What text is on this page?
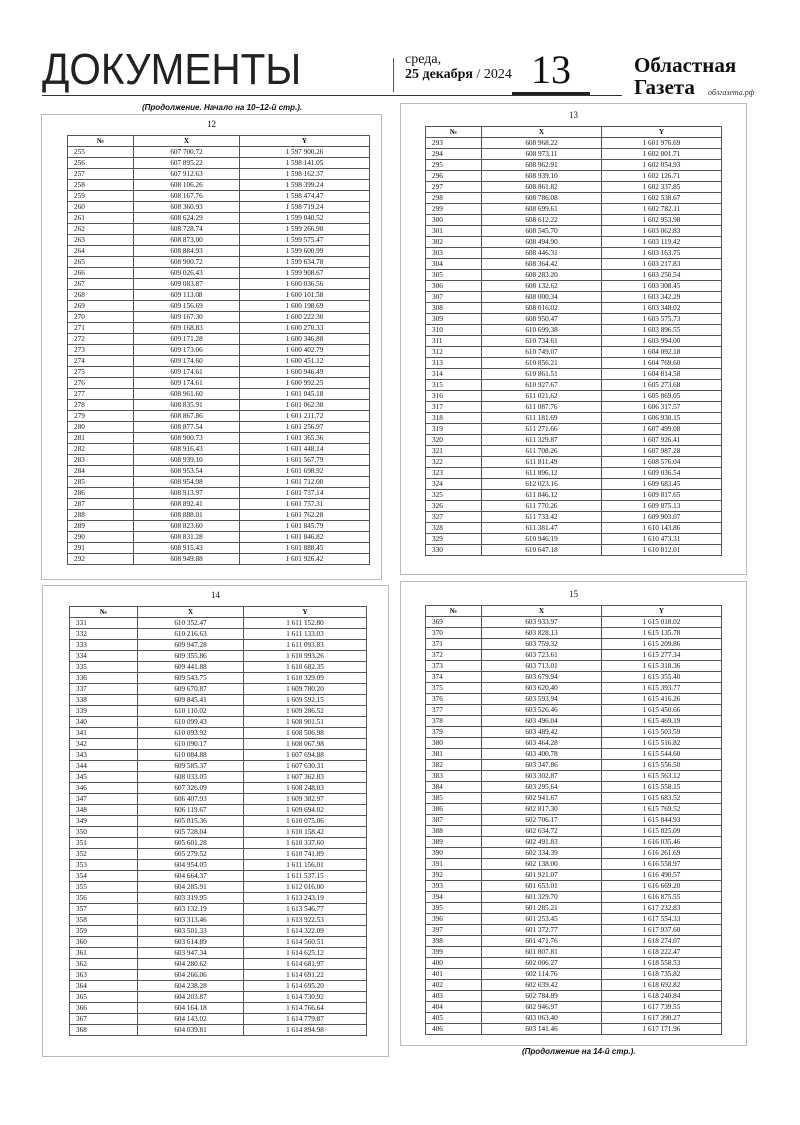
ДОКУМЕНТЫ	среда,
25 декабря / 2024 13	Областная
Газета облгазета.рф
(Продолжение. Начало на 10–12-й стр.).
12
№	X	Y
255	607 700.72	1 597 900.26
256	607 895.22	1 598 141.05
257	607 912.63	1 598 162.37
258	608 106.26	1 598 399.24
259	608 167.76	1 598 474.47
260	608 360.93	1 598 719.24
261	608 624.29	1 599 040.52
262	608 728.74	1 599 266.98
263	608 873.00	1 599 575.47
264	608 884.93	1 599 600.99
265	608 900.72	1 599 634.78
266	609 026.43	1 599 908.67
267	609 083.87	1 600 036.56
268	609 113.08	1 600 101.58
269	609 156.69	1 600 198.69
270	609 167.30	1 600 222.30
271	609 168.83	1 600 270.33
272	609 171.28	1 600 346.88
273	609 173.06	1 600 402.79
274	609 174.60	1 600 451.12
275	609 174.61	1 600 946.49
276	609 174.61	1 600 992.25
277	608 961.60	1 601 045.18
278	608 835.91	1 601 062.38
279	608 867.86	1 601 211.72
280	608 877.54	1 601 256.97
281	608 900.73	1 601 365.36
282	608 916.43	1 601 448.14
283	608 939.10	1 601 567.79
284	608 953.54	1 601 698.92
285	608 954.98	1 601 712.00
286	608 913.97	1 601 737.14
287	608 892.41	1 601 757.31
288	608 888.01	1 601 762.28
289	608 823.60	1 601 845.79
290	608 831.28	1 601 846.82
291	608 915.43	1 601 888.45
292	608 949.88	1 601 926.42
13
№	X	Y
293	608 968.22	1 601 976.69
294	608 973.11	1 602 001.71
295	608 962.91	1 602 054.93
296	608 939.10	1 602 126.71
297	608 861.82	1 602 337.85
298	608 786.08	1 602 538.67
299	608 699.61	1 602 782.11
300	608 612.22	1 602 953.98
301	608 545.70	1 603 062.83
302	608 494.90	1 603 119.42
303	608 446.31	1 603 163.75
304	608 364.42	1 603 217.83
305	608 283.20	1 603 250.54
306	608 132.62	1 603 308.45
307	608 000.34	1 603 342.29
308	608 016.02	1 603 348.02
309	608 950.47	1 603 575.73
310	610 699.38	1 603 896.55
311	610 734.61	1 603 994.00
312	610 749.07	1 604 092.18
313	610 856.21	1 604 769.60
314	610 861.51	1 604 814.58
315	610 927.67	1 605 273.68
316	611 021.62	1 605 869.05
317	611 087.76	1 606 317.57
318	611 181.69	1 606 930.15
319	611 271.66	1 607 499.08
320	611 329.87	1 607 926.41
321	611 708.26	1 607 987.28
322	611 811.49	1 608 576.04
323	611 896.12	1 609 036.54
324	612 023.16	1 609 683.45
325	611 846.12	1 609 817.65
326	611 770.26	1 609 875.13
327	611 733.42	1 609 903.07
328	611 381.47	1 610 143.86
329	610 946.19	1 610 473.31
330	610 647.18	1 610 812.01
14
№	X	Y
331	610 352.47	1 611 152.80
332	610 216.63	1 611 133.03
333	609 947.28	1 611 093.83
334	609 355.86	1 610 993.26
335	609 441.88	1 610 682.35
336	609 543.75	1 610 329.09
337	609 670.87	1 609 780.20
338	609 845.41	1 609 592.15
339	610 110.02	1 609 286.52
340	610 099.43	1 608 901.51
341	610 093.92	1 608 506.98
342	610 090.17	1 608 067.98
343	610 084.88	1 607 694.88
344	609 585.37	1 607 630.31
345	608 033.05	1 607 362.83
346	607 326.09	1 608 248.03
347	606 407.93	1 609 382.97
348	606 119.67	1 609 694.02
349	605 815.36	1 610 075.06
350	605 728.04	1 610 158.42
351	605 601.28	1 610 337.60
352	605 279.52	1 610 741.89
353	604 954.05	1 611 156.01
354	604 664.37	1 611 537.15
355	604 285.91	1 612 016.00
356	603 319.95	1 613 243.19
357	603 132.19	1 613 546.77
358	603 313.46	1 613 922.53
359	603 501.33	1 614 322.09
360	603 614.89	1 614 560.51
361	603 947.34	1 614 625.12
362	604 280.62	1 614 681.97
363	604 266.06	1 614 691.22
364	604 238.28	1 614 695.20
365	604 203.87	1 614 730.92
366	604 164.18	1 614 766.64
367	604 143.02	1 614 779.87
368	604 039.81	1 614 894.98
15
№	X	Y
369	603 933.97	1 615 018.02
370	603 828.13	1 615 135.78
371	603 759.32	1 615 209.86
372	603 723.61	1 615 277.34
373	603 713.01	1 615 318.36
374	603 679.94	1 615 355.40
375	603 620.40	1 615 393.77
376	603 593.94	1 615 416.26
377	603 526.46	1 615 450.66
378	603 496.04	1 615 469.19
379	603 489.42	1 615 503.59
380	603 464.28	1 615 516.82
381	603 400.78	1 615 544.60
382	603 347.86	1 615 556.50
383	603 302.87	1 615 563.12
384	603 295.64	1 615 558.15
385	602 941.67	1 615 683.52
386	602 817.30	1 615 769.52
387	602 706.17	1 615 844.93
388	602 634.72	1 615 825.09
389	602 491.83	1 616 035.46
390	602 334.39	1 616 261.69
391	602 138.00	1 616 558.97
392	601 921.07	1 616 490.57
393	601 653.01	1 616 669.20
394	601 329.70	1 616 875.55
395	601 285.21	1 617 232.83
396	601 253.45	1 617 554.33
397	601 372.77	1 617 937.60
398	601 471.76	1 618 274.07
399	601 807.81	1 618 222.47
400	602 006.27	1 618 558.53
401	602 114.76	1 618 735.82
402	602 639.42	1 618 692.82
403	602 784.89	1 618 240.84
404	602 946.97	1 617 739.55
405	603 063.40	1 617 390.27
406	603 141.46	1 617 171.96
(Продолжение на 14-й стр.).
